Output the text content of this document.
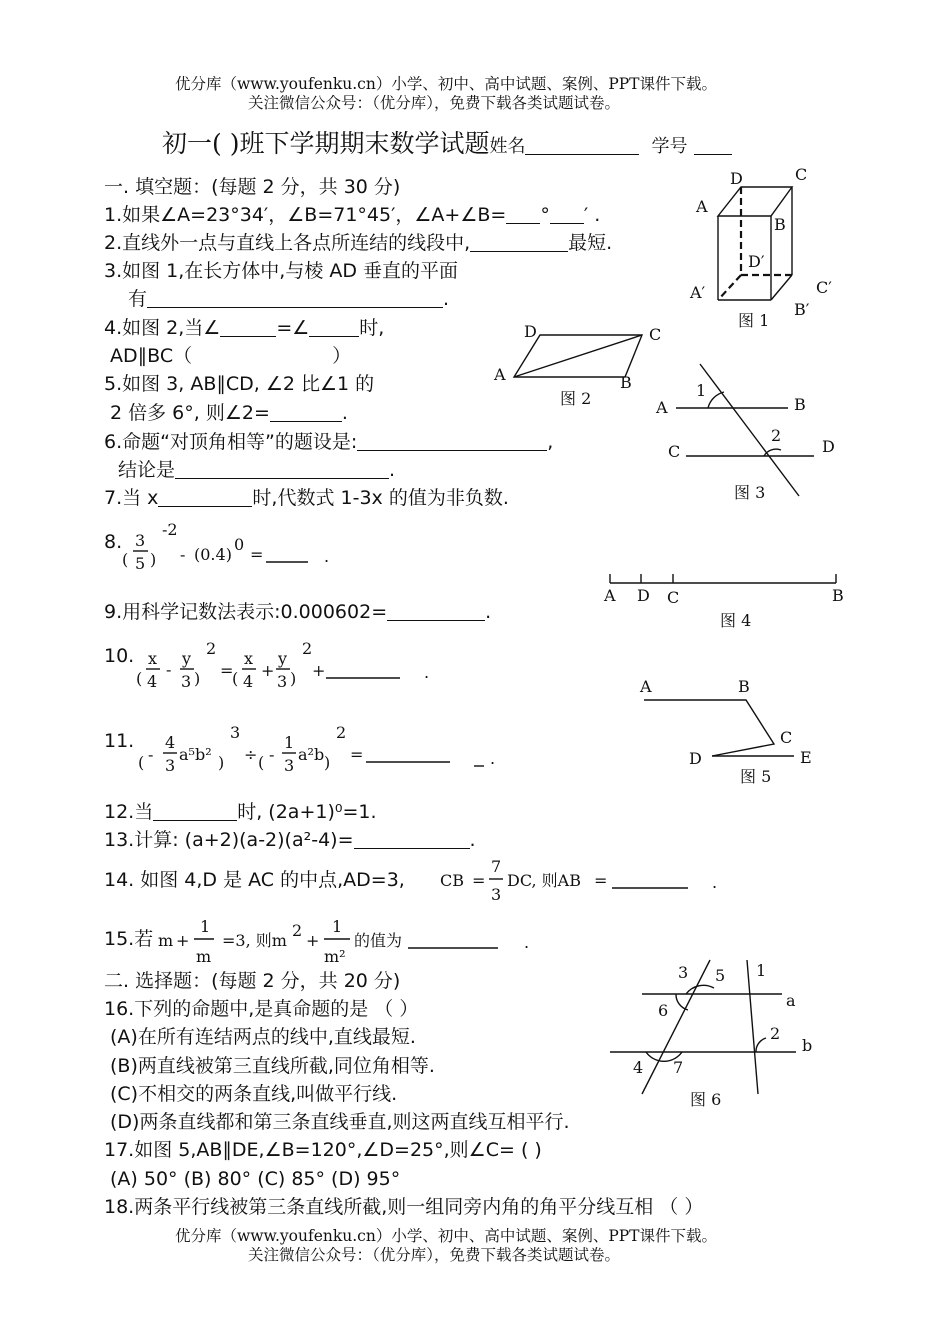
优分库（www.youfenku.cn）小学、初中、高中试题、案例、PPT课件下载。
关注微信公众号：（优分库），免费下载各类试题试卷。
初一( )班下学期期末数学试题姓名	学号
一. 填空题：(每题 2 分，共 30 分)
1.如果∠A=23°34′，∠B=71°45′，∠A+∠B= ° ′ .
2.直线外一点与直线上各点所连结的线段中,	最短.
3.如图 1,在长方体中,与棱 AD 垂直的平面
有	.
4.如图 2,当∠	=∠	时,
AD∥BC（	）
5.如图 3, AB∥CD, ∠2 比∠1 的
2 倍多 6°, 则∠2=	.
6.命题“对顶角相等”的题设是:	,
结论是	.
7.当 x	时,代数式 1-3x 的值为非负数.
8.
(
3
5 )
-2
- (0.4)
0
=	.
9.用科学记数法表示:0.000602=	.
10.
(
x
4
-
y
3 )
2
=
(
x
4
+
y
3 )
2
+	.
11.
( -
4
3
a⁵b² )
3
÷ ( -
1
3
a²b )
2
=	.
12.当	时, (2a+1)⁰=1.
13.计算: (a+2)(a-2)(a²-4)=	.
14. 如图 4,D 是 AC 的中点,AD=3, CB =
7
3
DC, 则AB =	.
15.若 m +
1
m
=3, 则m
2
+
1
m²
的值为	.
二. 选择题：(每题 2 分，共 20 分)
16.下列的命题中,是真命题的是 （ ）
(A)在所有连结两点的线中,直线最短.
(B)两直线被第三直线所截,同位角相等.
(C)不相交的两条直线,叫做平行线.
(D)两条直线都和第三条直线垂直,则这两直线互相平行.
17.如图 5,AB∥DE,∠B=120°,∠D=25°,则∠C= ( )
(A) 50° (B) 80° (C) 85° (D) 95°
18.两条平行线被第三条直线所截,则一组同旁内角的角平分线互相 （ ）
优分库（www.youfenku.cn）小学、初中、高中试题、案例、PPT课件下载。
关注微信公众号：（优分库），免费下载各类试题试卷。
D	C
A
B
D′
A′	C′
B′
图 1
D	C
A	B
图 2	1
A	B
2
C	D
图 3
A D C	B
图 4
A	B
C
D	E
图 5
3 5 1
a
6
2
b
4 7
图 6
